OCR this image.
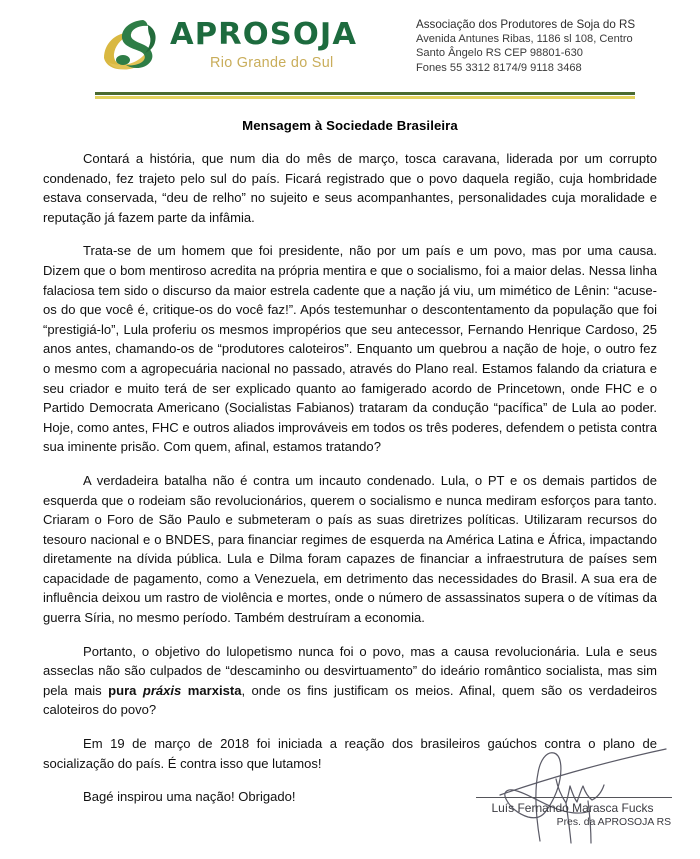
APROSOJA
Rio Grande do Sul
Associação dos Produtores de Soja do RS
Avenida Antunes Ribas, 1186 sl 108, Centro
Santo Ângelo RS CEP 98801-630
Fones 55 3312 8174/9 9118 3468
Mensagem à Sociedade Brasileira

Contará a história, que num dia do mês de março, tosca caravana, liderada por um corrupto condenado, fez trajeto pelo sul do país. Ficará registrado que o povo daquela região, cuja hombridade estava conservada, “deu de relho” no sujeito e seus acompanhantes, personalidades cuja moralidade e reputação já fazem parte da infâmia.

Trata-se de um homem que foi presidente, não por um país e um povo, mas por uma causa. Dizem que o bom mentiroso acredita na própria mentira e que o socialismo, foi a maior delas. Nessa linha falaciosa tem sido o discurso da maior estrela cadente que a nação já viu, um mimético de Lênin: “acuse-os do que você é, critique-os do você faz!”. Após testemunhar o descontentamento da população que foi “prestigiá-lo”, Lula proferiu os mesmos impropérios que seu antecessor, Fernando Henrique Cardoso, 25 anos antes, chamando-os de “produtores caloteiros”. Enquanto um quebrou a nação de hoje, o outro fez o mesmo com a agropecuária nacional no passado, através do Plano real. Estamos falando da criatura e seu criador e muito terá de ser explicado quanto ao famigerado acordo de Princetown, onde FHC e o Partido Democrata Americano (Socialistas Fabianos) trataram da condução “pacífica” de Lula ao poder. Hoje, como antes, FHC e outros aliados improváveis em todos os três poderes, defendem o petista contra sua iminente prisão. Com quem, afinal, estamos tratando?

A verdadeira batalha não é contra um incauto condenado. Lula, o PT e os demais partidos de esquerda que o rodeiam são revolucionários, querem o socialismo e nunca mediram esforços para tanto. Criaram o Foro de São Paulo e submeteram o país as suas diretrizes políticas. Utilizaram recursos do tesouro nacional e o BNDES, para financiar regimes de esquerda na América Latina e África, impactando diretamente na dívida pública. Lula e Dilma foram capazes de financiar a infraestrutura de países sem capacidade de pagamento, como a Venezuela, em detrimento das necessidades do Brasil. A sua era de influência deixou um rastro de violência e mortes, onde o número de assassinatos supera o de vítimas da guerra Síria, no mesmo período. Também destruíram a economia.

Portanto, o objetivo do lulopetismo nunca foi o povo, mas a causa revolucionária. Lula e seus asseclas não são culpados de “descaminho ou desvirtuamento” do ideário romântico socialista, mas sim pela mais pura práxis marxista, onde os fins justificam os meios. Afinal, quem são os verdadeiros caloteiros do povo?

Em 19 de março de 2018 foi iniciada a reação dos brasileiros gaúchos contra o plano de socialização do país. É contra isso que lutamos!

Bagé inspirou uma nação! Obrigado!

Luís Fernando Marasca Fucks
Pres. da APROSOJA RS
